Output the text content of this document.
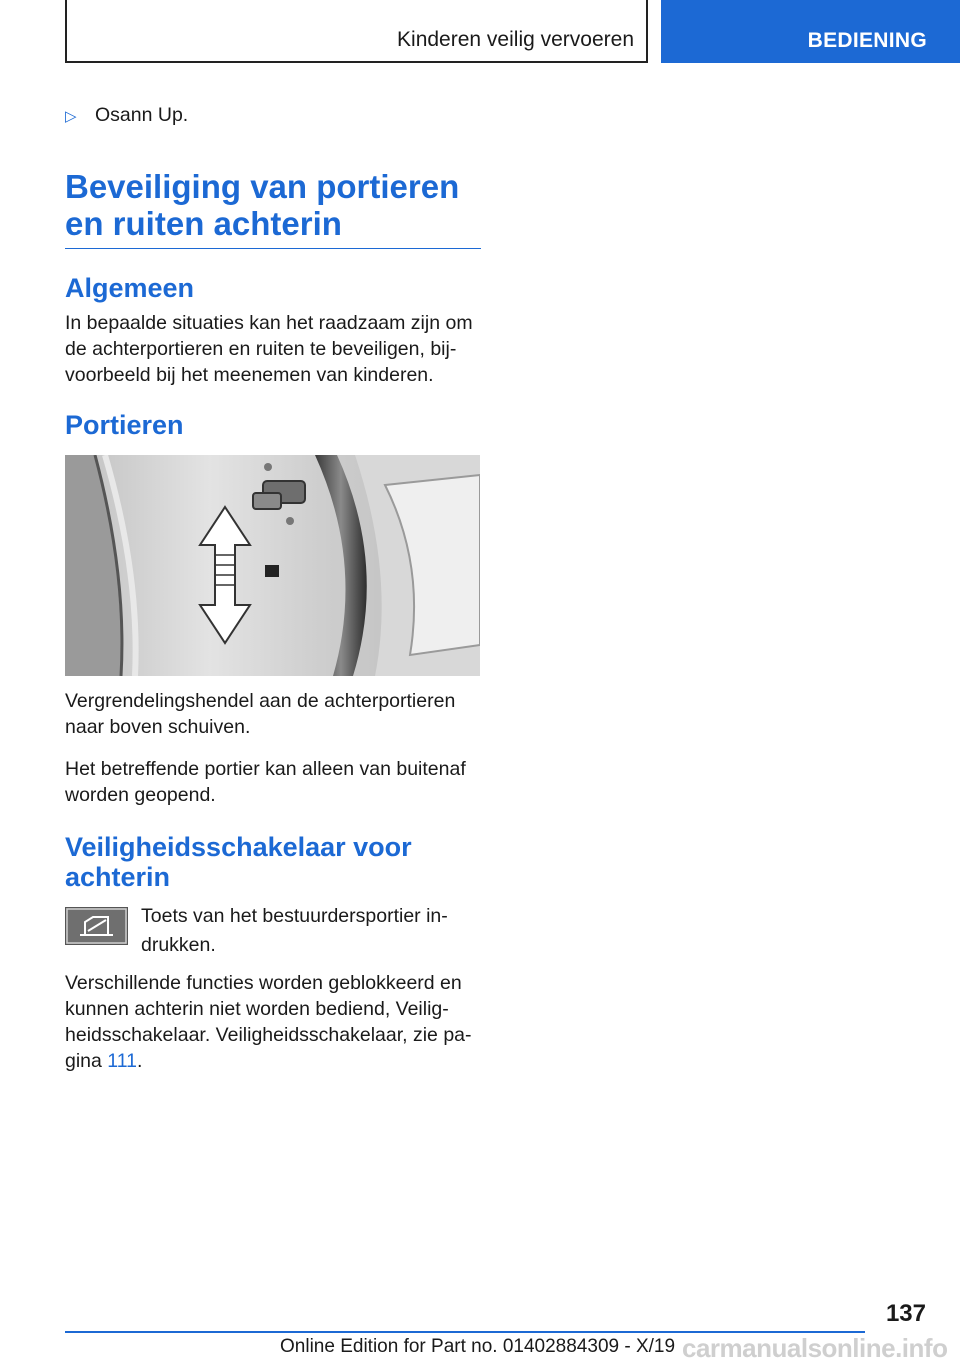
Kinderen veilig vervoeren	BEDIENING
▷ Osann Up.
Beveiliging van portieren
en ruiten achterin
Algemeen
In bepaalde situaties kan het raadzaam zijn om
de achterportieren en ruiten te beveiligen, bij-
voorbeeld bij het meenemen van kinderen.
Portieren
Vergrendelingshendel aan de achterportieren
naar boven schuiven.
Het betreffende portier kan alleen van buitenaf
worden geopend.
Veiligheidsschakelaar voor
achterin
Toets van het bestuurdersportier in-
drukken.
Verschillende functies worden geblokkeerd en
kunnen achterin niet worden bediend, Veilig-
heidsschakelaar. Veiligheidsschakelaar, zie pa-
gina 111.
137
Online Edition for Part no. 01402884309 - X/19 carmanualsonline.info
